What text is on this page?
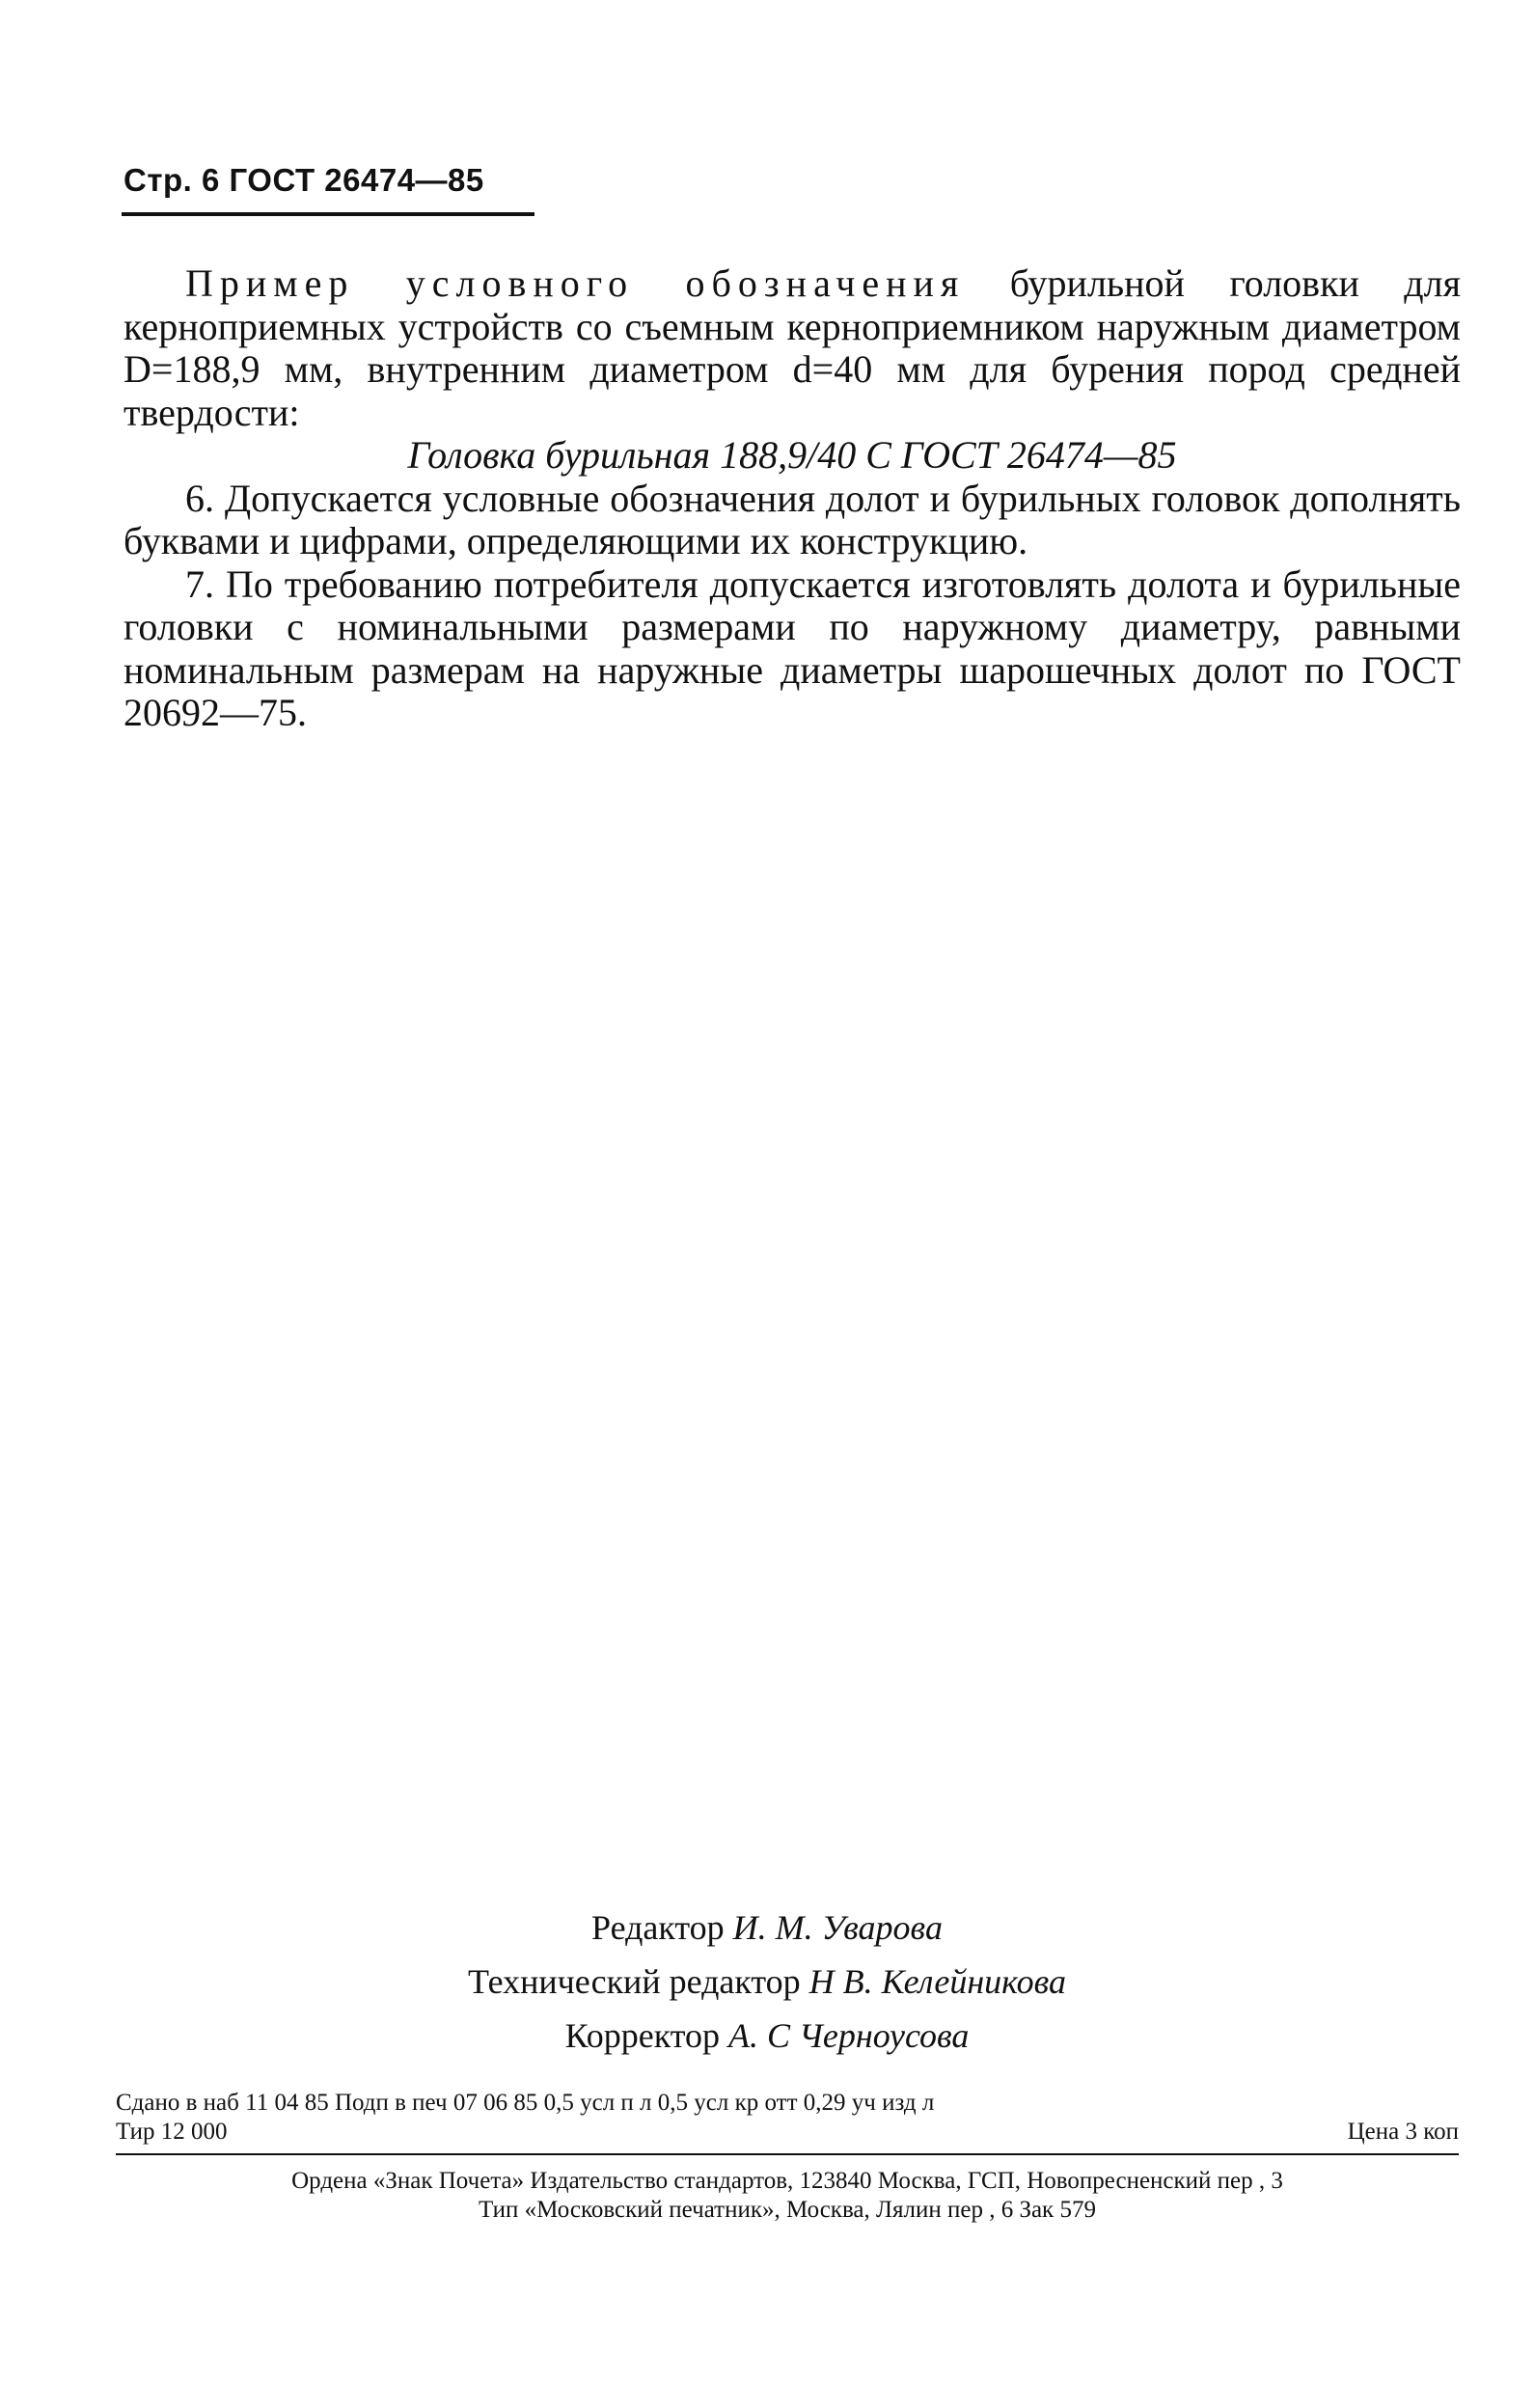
Стр. 6 ГОСТ 26474—85

Пример условного обозначения бурильной головки для кернoприемных устройств со съемным керноприемником наружным диаметром D=188,9 мм, внутренним диаметром d=40 мм для бурения пород средней твердости:

Головка бурильная 188,9/40 С ГОСТ 26474—85

6. Допускается условные обозначения долот и бурильных головок дополнять буквами и цифрами, определяющими их конструкцию.

7. По требованию потребителя допускается изготовлять долота и бурильные головки с номинальными размерами по наружному диаметру, равными номинальным размерам на наружные диаметры шарошечных долот по ГОСТ 20692—75.

Редактор И. М. Уварова
Технический редактор Н В. Келейникова
Корректор А. С Черноусова
Сдано в наб 11 04 85 Подп в печ 07 06 85 0,5 усл п л 0,5 усл кр отт 0,29 уч изд л
Тир 12 000	Цена 3 коп
Ордена «Знак Почета» Издательство стандартов, 123840 Москва, ГСП, Новопресненский пер , 3
Тип «Московский печатник», Москва, Лялин пер , 6 Зак 579
